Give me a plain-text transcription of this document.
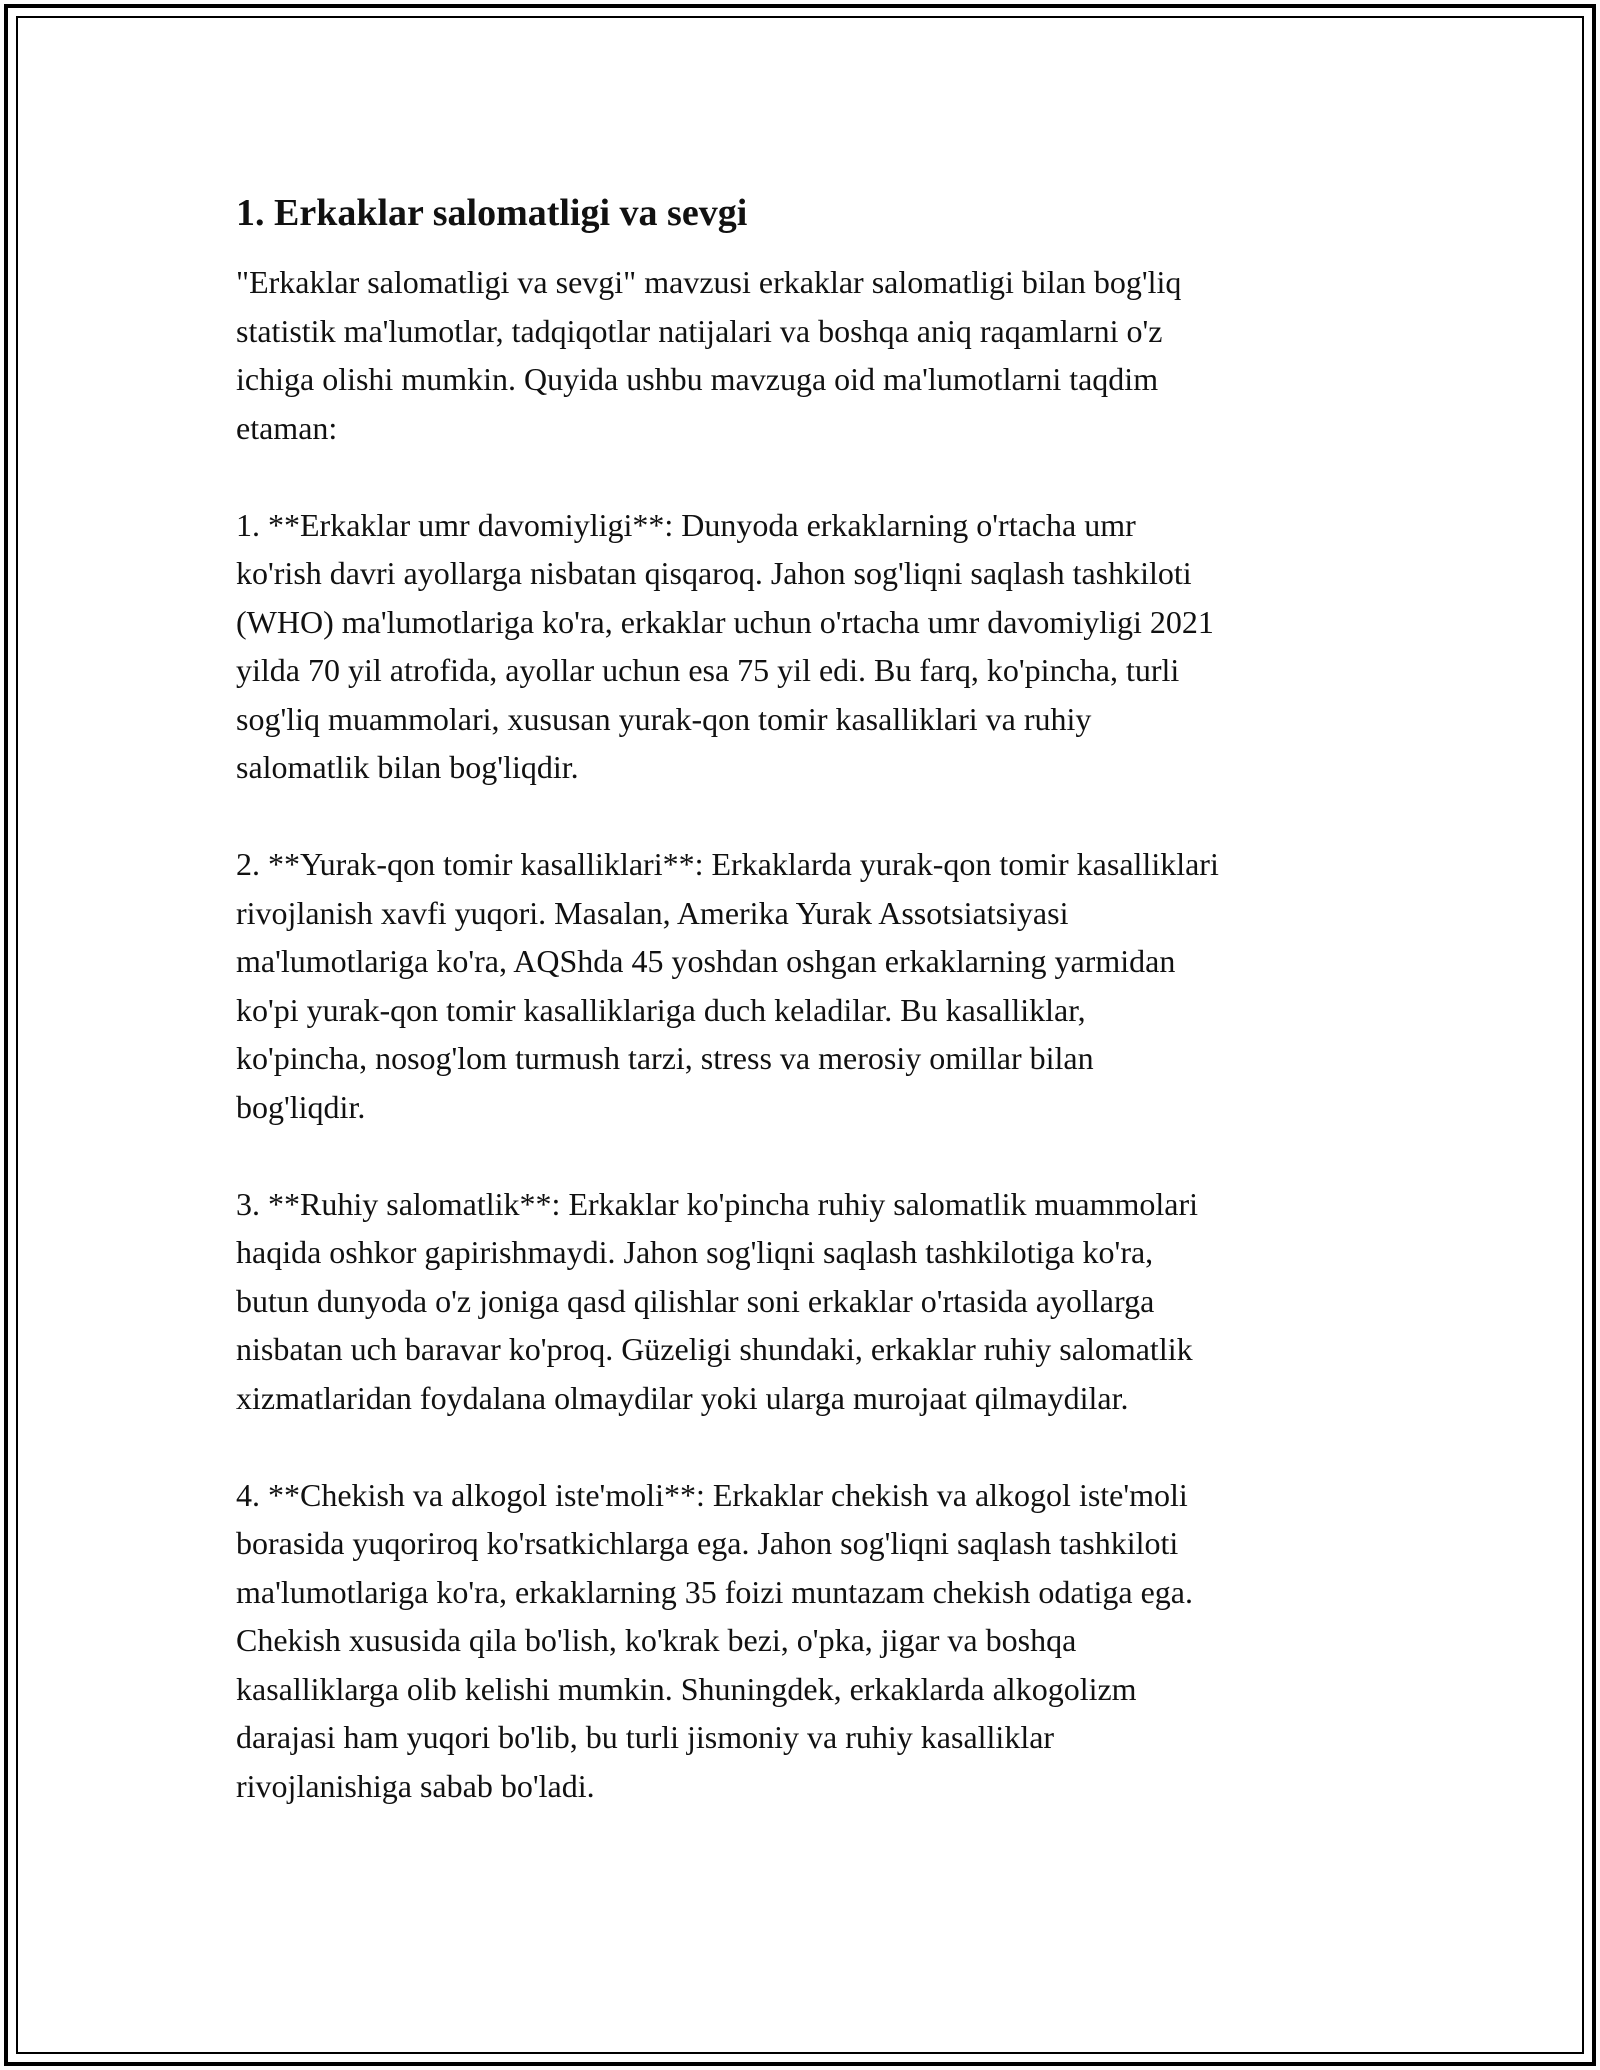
1. Erkaklar salomatligi va sevgi

"Erkaklar salomatligi va sevgi" mavzusi erkaklar salomatligi bilan bog'liq
statistik ma'lumotlar, tadqiqotlar natijalari va boshqa aniq raqamlarni o'z
ichiga olishi mumkin. Quyida ushbu mavzuga oid ma'lumotlarni taqdim
etaman:

1. **Erkaklar umr davomiyligi**: Dunyoda erkaklarning o'rtacha umr
ko'rish davri ayollarga nisbatan qisqaroq. Jahon sog'liqni saqlash tashkiloti
(WHO) ma'lumotlariga ko'ra, erkaklar uchun o'rtacha umr davomiyligi 2021
yilda 70 yil atrofida, ayollar uchun esa 75 yil edi. Bu farq, ko'pincha, turli
sog'liq muammolari, xususan yurak-qon tomir kasalliklari va ruhiy
salomatlik bilan bog'liqdir.

2. **Yurak-qon tomir kasalliklari**: Erkaklarda yurak-qon tomir kasalliklari
rivojlanish xavfi yuqori. Masalan, Amerika Yurak Assotsiatsiyasi
ma'lumotlariga ko'ra, AQShda 45 yoshdan oshgan erkaklarning yarmidan
ko'pi yurak-qon tomir kasalliklariga duch keladilar. Bu kasalliklar,
ko'pincha, nosog'lom turmush tarzi, stress va merosiy omillar bilan
bog'liqdir.

3. **Ruhiy salomatlik**: Erkaklar ko'pincha ruhiy salomatlik muammolari
haqida oshkor gapirishmaydi. Jahon sog'liqni saqlash tashkilotiga ko'ra,
butun dunyoda o'z joniga qasd qilishlar soni erkaklar o'rtasida ayollarga
nisbatan uch baravar ko'proq. Güzeligi shundaki, erkaklar ruhiy salomatlik
xizmatlaridan foydalana olmaydilar yoki ularga murojaat qilmaydilar.

4. **Chekish va alkogol iste'moli**: Erkaklar chekish va alkogol iste'moli
borasida yuqoriroq ko'rsatkichlarga ega. Jahon sog'liqni saqlash tashkiloti
ma'lumotlariga ko'ra, erkaklarning 35 foizi muntazam chekish odatiga ega.
Chekish xususida qila bo'lish, ko'krak bezi, o'pka, jigar va boshqa
kasalliklarga olib kelishi mumkin. Shuningdek, erkaklarda alkogolizm
darajasi ham yuqori bo'lib, bu turli jismoniy va ruhiy kasalliklar
rivojlanishiga sabab bo'ladi.
